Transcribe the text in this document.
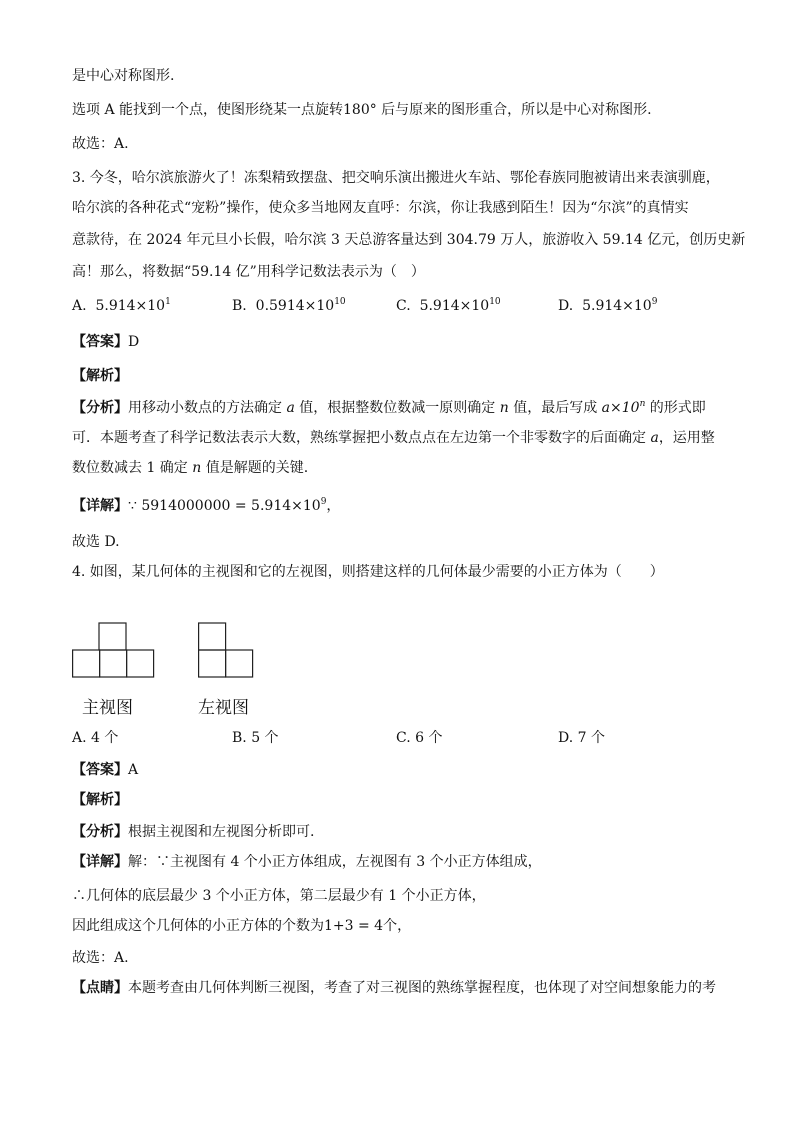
是中心对称图形.
选项 A 能找到一个点，使图形绕某一点旋转180° 后与原来的图形重合，所以是中心对称图形.
故选：A.
3. 今冬，哈尔滨旅游火了！冻梨精致摆盘、把交响乐演出搬进火车站、鄂伦春族同胞被请出来表演驯鹿，
哈尔滨的各种花式“宠粉”操作，使众多当地网友直呼：尔滨，你让我感到陌生！因为“尔滨”的真情实
意款待，在 2024 年元旦小长假，哈尔滨 3 天总游客量达到 304.79 万人，旅游收入 59.14 亿元，创历史新
高！那么，将数据“59.14 亿”用科学记数法表示为（　）
A. $5.914\times 10^1$	B. $0.5914\times 10^{10}$	C. $5.914\times 10^{10}$	D. $5.914\times 10^9$
【答案】D
【解析】
【分析】用移动小数点的方法确定 a 值，根据整数位数减一原则确定 n 值，最后写成 $a\times 10^n$ 的形式即
可．本题考查了科学记数法表示大数，熟练掌握把小数点点在左边第一个非零数字的后面确定 a，运用整
数位数减去 1 确定 n 值是解题的关键.
【详解】∵ $5914000000 = 5.914\times 10^9$，
故选 D.
4. 如图，某几何体的主视图和它的左视图，则搭建这样的几何体最少需要的小正方体为（　　）
主视图	左视图
A. 4 个	B. 5 个	C. 6 个	D. 7 个
【答案】A
【解析】
【分析】根据主视图和左视图分析即可.
【详解】解：∵主视图有 4 个小正方体组成，左视图有 3 个小正方体组成，
∴几何体的底层最少 3 个小正方体，第二层最少有 1 个小正方体，
因此组成这个几何体的小正方体的个数为1+3 = 4个，
故选：A.
【点睛】本题考查由几何体判断三视图，考查了对三视图的熟练掌握程度，也体现了对空间想象能力的考
